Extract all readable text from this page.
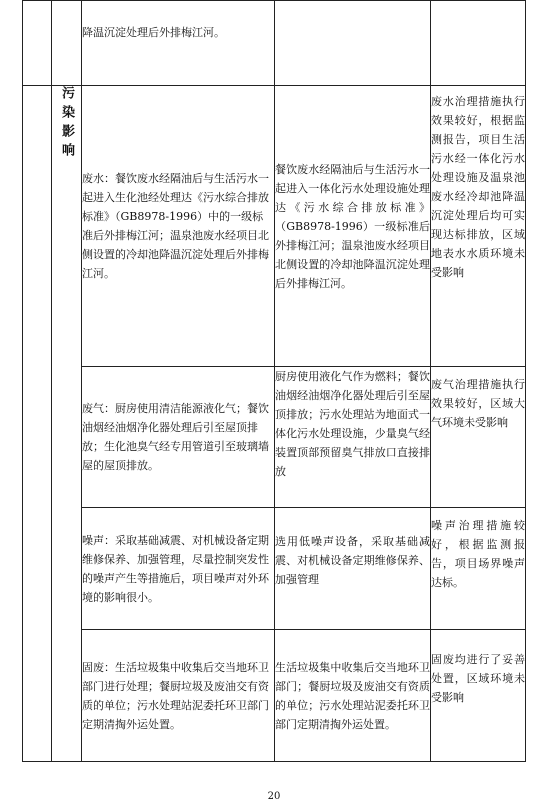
		降温沉淀处理后外排梅江河。		

	污染影响	废水：餐饮废水经隔油后与生活污水一起进入生化池经处理达《污水综合排放标准》（GB8978-1996）中的一级标准后外排梅江河；温泉池废水经项目北侧设置的冷却池降温沉淀处理后外排梅江河。	餐饮废水经隔油后与生活污水一起进入一体化污水处理设施处理达《污水综合排放标准》（GB8978-1996）一级标准后外排梅江河；温泉池废水经项目北侧设置的冷却池降温沉淀处理后外排梅江河。	废水治理措施执行效果较好，根据监测报告，项目生活污水经一体化污水处理设施及温泉池废水经冷却池降温沉淀处理后均可实现达标排放，区域地表水水质环境未受影响
		废气：厨房使用清洁能源液化气；餐饮油烟经油烟净化器处理后引至屋顶排放；生化池臭气经专用管道引至玻璃墙屋的屋顶排放。	厨房使用液化气作为燃料；餐饮油烟经油烟净化器处理后引至屋顶排放；污水处理站为地面式一体化污水处理设施，少量臭气经装置顶部预留臭气排放口直接排放	废气治理措施执行效果较好，区域大气环境未受影响
		噪声：采取基础减震、对机械设备定期维修保养、加强管理，尽量控制突发性的噪声产生等措施后，项目噪声对外环境的影响很小。	选用低噪声设备，采取基础减震、对机械设备定期维修保养、加强管理	噪声治理措施较好，根据监测报告，项目场界噪声达标。
		固废：生活垃圾集中收集后交当地环卫部门进行处理；餐厨垃圾及废油交有资质的单位；污水处理站泥委托环卫部门定期清掏外运处置。	生活垃圾集中收集后交当地环卫部门；餐厨垃圾及废油交有资质的单位；污水处理站泥委托环卫部门定期清掏外运处置。	固废均进行了妥善处置，区域环境未受影响
20
